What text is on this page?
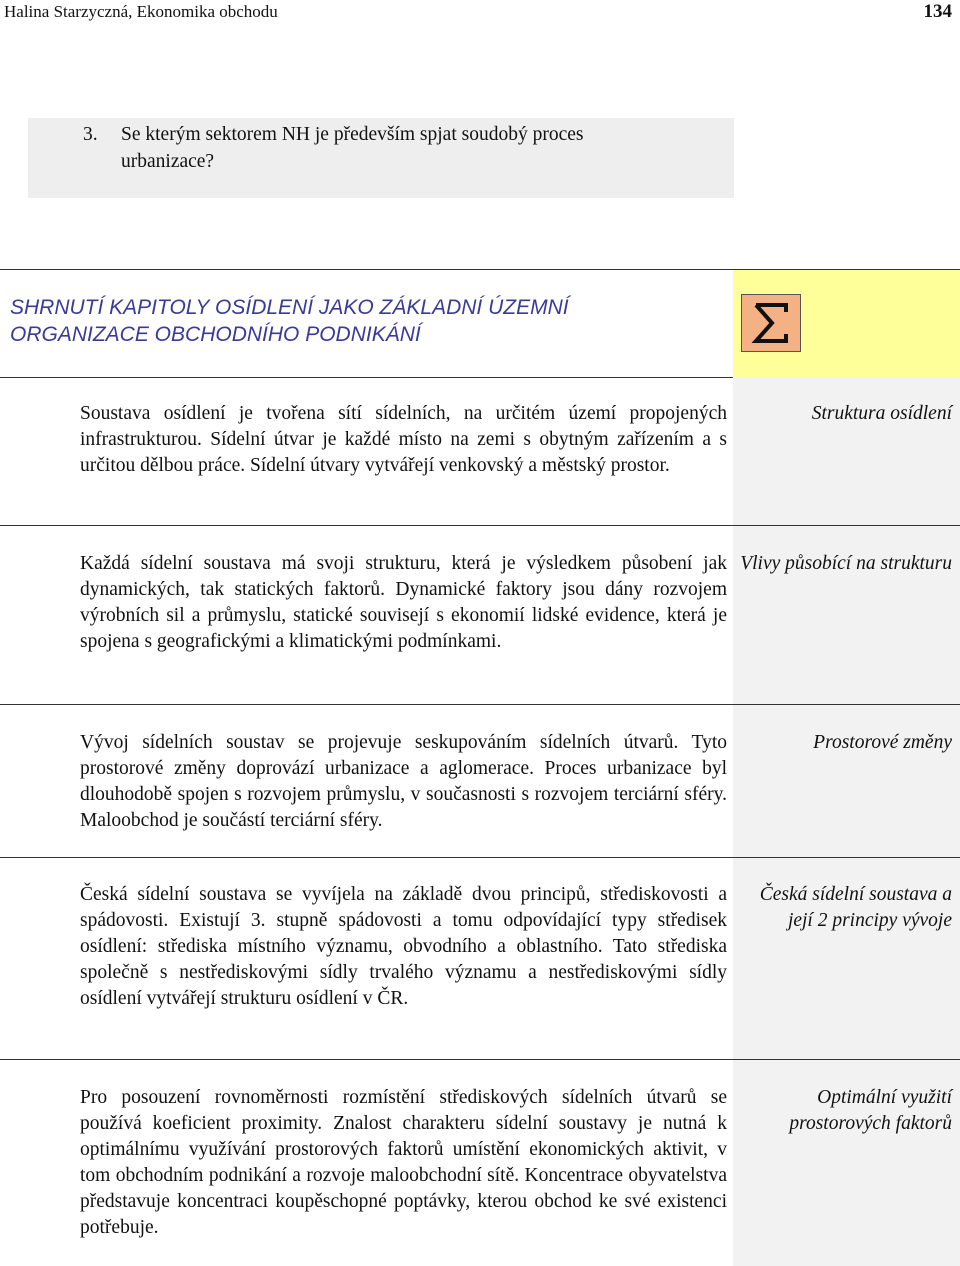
Halina Starzyczná, Ekonomika obchodu	134
3. Se kterým sektorem NH je především spjat soudobý proces urbanizace?
SHRNUTÍ KAPITOLY OSÍDLENÍ JAKO ZÁKLADNÍ ÚZEMNÍ ORGANIZACE OBCHODNÍHO PODNIKÁNÍ
Soustava osídlení je tvořena sítí sídelních, na určitém území propojených infrastrukturou. Sídelní útvar je každé místo na zemi s obytným zařízením a s určitou dělbou práce. Sídelní útvary vytvářejí venkovský a městský prostor.
Struktura osídlení
Každá sídelní soustava má svoji strukturu, která je výsledkem působení jak dynamických, tak statických faktorů. Dynamické faktory jsou dány rozvojem výrobních sil a průmyslu, statické souvisejí s ekonomií lidské evidence, která je spojena s geografickými a klimatickými podmínkami.
Vlivy působící na strukturu
Vývoj sídelních soustav se projevuje seskupováním sídelních útvarů. Tyto prostorové změny doprovází urbanizace a aglomerace. Proces urbanizace byl dlouhodobě spojen s rozvojem průmyslu, v současnosti s rozvojem terciární sféry. Maloobchod je součástí terciární sféry.
Prostorové změny
Česká sídelní soustava se vyvíjela na základě dvou principů, střediskovosti a spádovosti. Existují 3. stupně spádovosti a tomu odpovídající typy středisek osídlení: střediska místního významu, obvodního a oblastního. Tato střediska společně s nestřediskovými sídly trvalého významu a nestřediskovými sídly osídlení vytvářejí strukturu osídlení v ČR.
Česká sídelní soustava a její 2 principy vývoje
Pro posouzení rovnoměrnosti rozmístění střediskových sídelních útvarů se používá koeficient proximity. Znalost charakteru sídelní soustavy je nutná k optimálnímu využívání prostorových faktorů umístění ekonomických aktivit, v tom obchodním podnikání a rozvoje maloobchodní sítě. Koncentrace obyvatelstva představuje koncentraci koupěschopné poptávky, kterou obchod ke své existenci potřebuje.
Optimální využití prostorových faktorů
